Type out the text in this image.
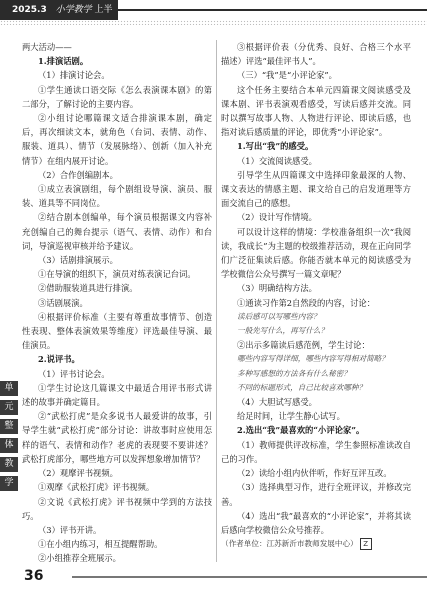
2025.3 小学教学 上半月 · 语文

两大活动——

1.排演话剧。

（1）排演讨论会。

①学生通读口语交际《怎么表演课本剧》的第二部分，了解讨论的主要内容。

②小组讨论哪篇课文适合排演课本剧，确定后，再次细读文本，就角色（台词、表情、动作、服装、道具）、情节（发展脉络）、创新（加入补充情节）在组内展开讨论。

（2）合作创编剧本。

①成立表演剧组，每个剧组设导演、演员、服装、道具等不同岗位。

②结合剧本创编单，每个演员根据课文内容补充创编自己的舞台提示（语气、表情、动作）和台词，导演巡视审核并给予建议。

（3）话剧排演展示。

①在导演的组织下，演员对练表演记台词。

②借助服装道具进行排演。

③话剧展演。

④根据评价标准（主要有尊重故事情节、创造性表现、整体表演效果等维度）评选最佳导演、最佳演员。

2.说评书。

（1）评书讨论会。

①学生讨论这几篇课文中最适合用评书形式讲述的故事并确定篇目。

②“武松打虎”是众多说书人最爱讲的故事，引导学生就“武松打虎”部分讨论：讲故事时应使用怎样的语气、表情和动作？老虎的表现要不要讲述？武松打虎部分，哪些地方可以发挥想象增加情节？

（2）观摩评书视频。

①观摩《武松打虎》评书视频。

②文说《武松打虎》评书视频中学到的方法技巧。

（3）评书开讲。

①在小组内练习，相互提醒帮助。

②小组推荐全班展示。

③根据评价表（分优秀、良好、合格三个水平描述）评选“最佳评书人”。

（三）“我”是“小评论家”。

这个任务主要结合本单元四篇课文阅读感受及课本剧、评书表演观看感受，写读后感并交流。同时以撰写故事人物、人物进行评论、即读后感，也指对读后感质量的评论，即优秀“小评论家”。

1.写出“我”的感受。

（1）交流阅读感受。

引导学生从四篇课文中选择印象最深的人物、课文表达的情感主题、课文给自己的启发道理等方面交流自己的感想。

（2）设计写作情境。

可以设计这样的情境：学校准备组织一次“我阅读，我成长”为主题的校级推荐活动，现在正向同学们广泛征集读后感。你能否就本单元的阅读感受为学校微信公众号撰写一篇文章呢？

（3）明确结构方法。

①通读习作第2自然段的内容，讨论：

读后感可以写哪些内容？

一般先写什么，再写什么？

②出示多篇读后感范例，学生讨论：

哪些内容写得详细，哪些内容写得相对简略？

多种写感想的方法各有什么秘密？

不同的标题形式，自己比较喜欢哪种？

（4）大胆试写感受。

给足时间，让学生静心试写。

2.选出“我”最喜欢的“小评论家”。

（1）教师提供评改标准，学生参照标准读改自己的习作。

（2）读给小组内伙伴听，作好互评互改。

（3）选择典型习作，进行全班评议，并修改完善。

（4）选出“我”最喜欢的“小评论家”，并将其读后感向学校微信公众号推荐。

（作者单位：江苏新沂市教师发展中心） Z

单
元
整
体
教
学
36
